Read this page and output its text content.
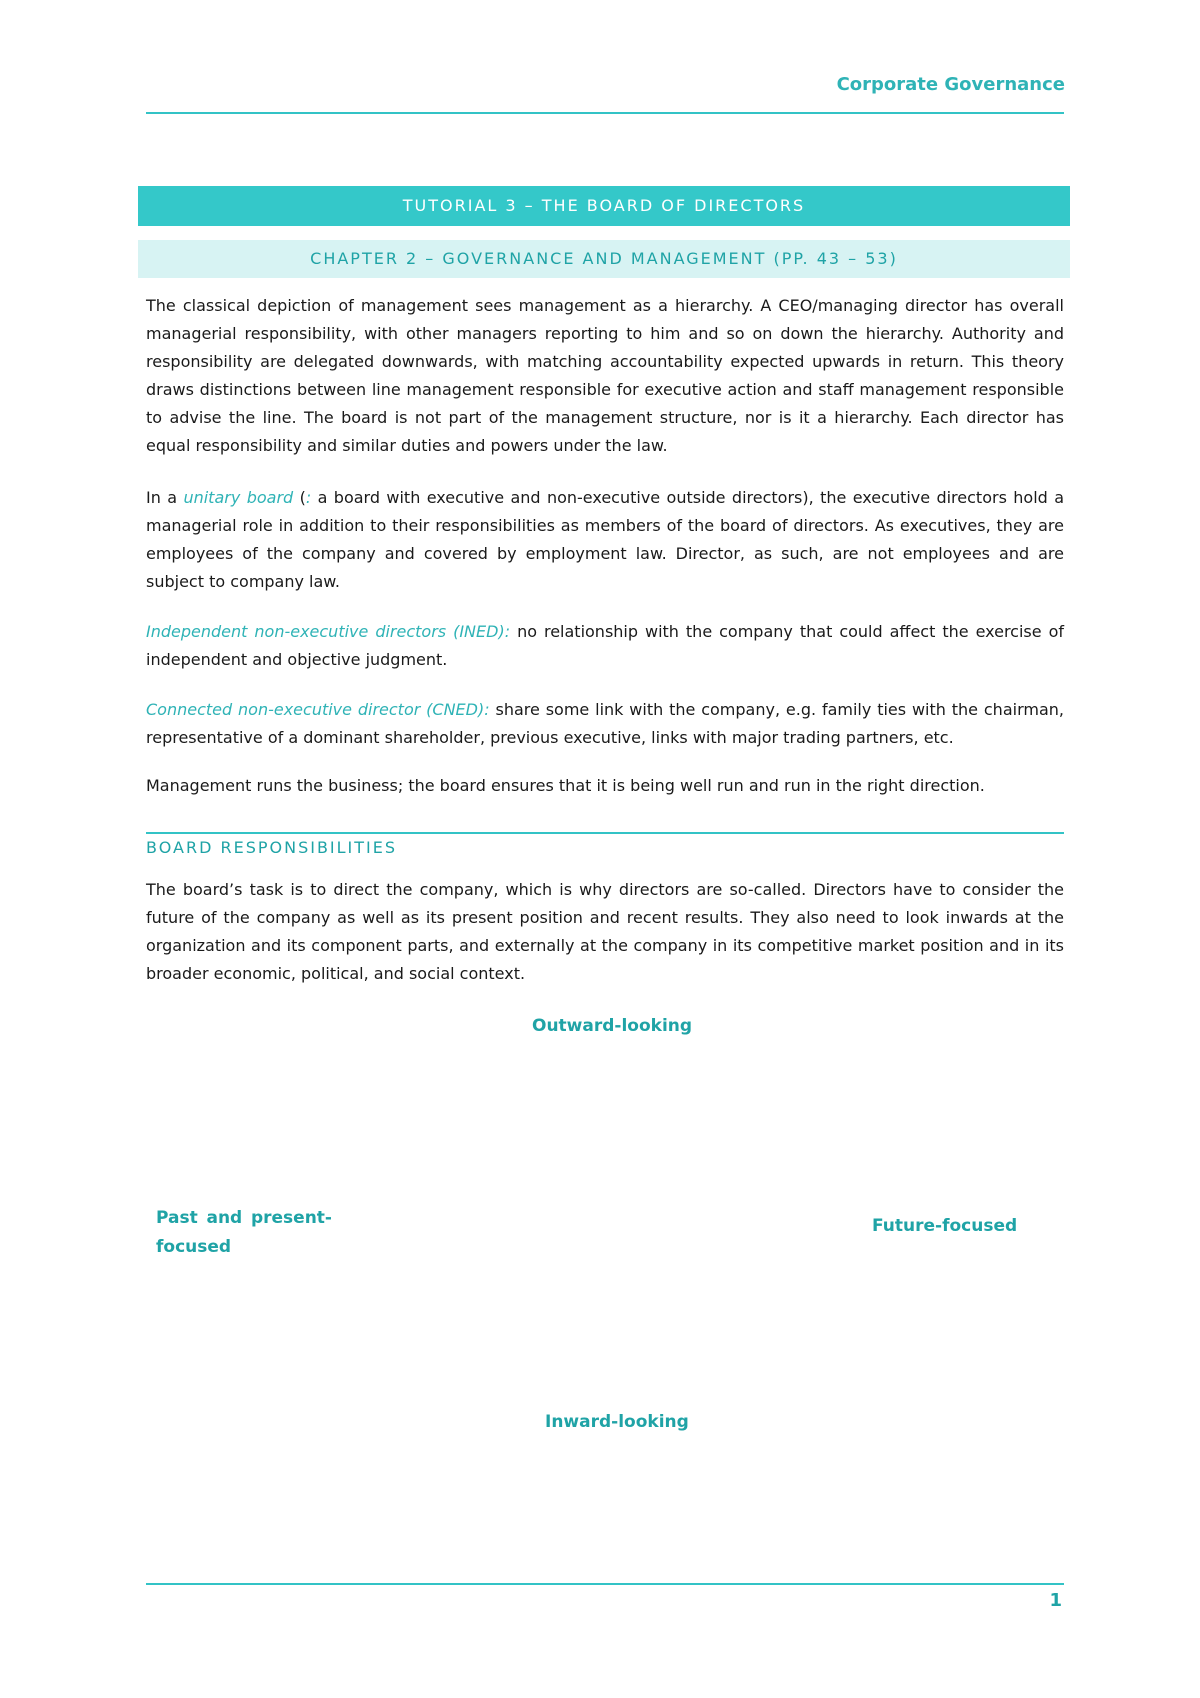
Corporate Governance
TUTORIAL 3 – THE BOARD OF DIRECTORS
CHAPTER 2 – GOVERNANCE AND MANAGEMENT (PP. 43 – 53)

The classical depiction of management sees management as a hierarchy. A CEO/managing director has overall managerial responsibility, with other managers reporting to him and so on down the hierarchy. Authority and responsibility are delegated downwards, with matching accountability expected upwards in return. This theory draws distinctions between line management responsible for executive action and staff management responsible to advise the line. The board is not part of the management structure, nor is it a hierarchy. Each director has equal responsibility and similar duties and powers under the law.

In a unitary board (: a board with executive and non-executive outside directors), the executive directors hold a managerial role in addition to their responsibilities as members of the board of directors. As executives, they are employees of the company and covered by employment law. Director, as such, are not employees and are subject to company law.

Independent non-executive directors (INED): no relationship with the company that could affect the exercise of independent and objective judgment.

Connected non-executive director (CNED): share some link with the company, e.g. family ties with the chairman, representative of a dominant shareholder, previous executive, links with major trading partners, etc.

Management runs the business; the board ensures that it is being well run and run in the right direction.

BOARD RESPONSIBILITIES

The board’s task is to direct the company, which is why directors are so-called. Directors have to consider the future of the company as well as its present position and recent results. They also need to look inwards at the organization and its component parts, and externally at the company in its competitive market position and in its broader economic, political, and social context.

Outward-looking
Past and present-focused
Future-focused
Inward-looking
1
